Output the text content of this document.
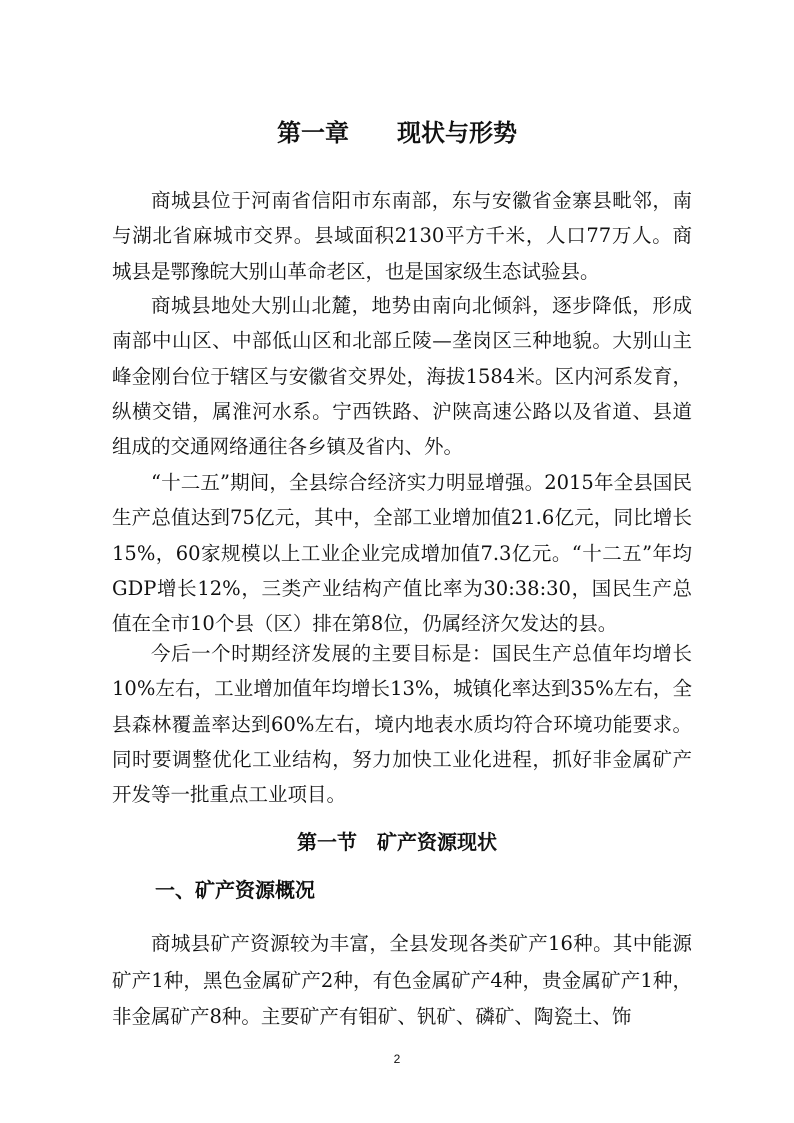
第一章　　现状与形势

商城县位于河南省信阳市东南部，东与安徽省金寨县毗邻，南与湖北省麻城市交界。县域面积2130平方千米，人口77万人。商城县是鄂豫皖大别山革命老区，也是国家级生态试验县。

商城县地处大别山北麓，地势由南向北倾斜，逐步降低，形成南部中山区、中部低山区和北部丘陵—垄岗区三种地貌。大别山主峰金刚台位于辖区与安徽省交界处，海拔1584米。区内河系发育，纵横交错，属淮河水系。宁西铁路、沪陕高速公路以及省道、县道组成的交通网络通往各乡镇及省内、外。

“十二五”期间，全县综合经济实力明显增强。2015年全县国民生产总值达到75亿元，其中，全部工业增加值21.6亿元，同比增长15%，60家规模以上工业企业完成增加值7.3亿元。“十二五”年均GDP增长12%，三类产业结构产值比率为30:38:30，国民生产总值在全市10个县（区）排在第8位，仍属经济欠发达的县。

今后一个时期经济发展的主要目标是：国民生产总值年均增长10%左右，工业增加值年均增长13%，城镇化率达到35%左右，全县森林覆盖率达到60%左右，境内地表水质均符合环境功能要求。同时要调整优化工业结构，努力加快工业化进程，抓好非金属矿产开发等一批重点工业项目。

第一节　矿产资源现状
一、矿产资源概况

商城县矿产资源较为丰富，全县发现各类矿产16种。其中能源矿产1种，黑色金属矿产2种，有色金属矿产4种，贵金属矿产1种，非金属矿产8种。主要矿产有钼矿、钒矿、磷矿、陶瓷土、饰

2
